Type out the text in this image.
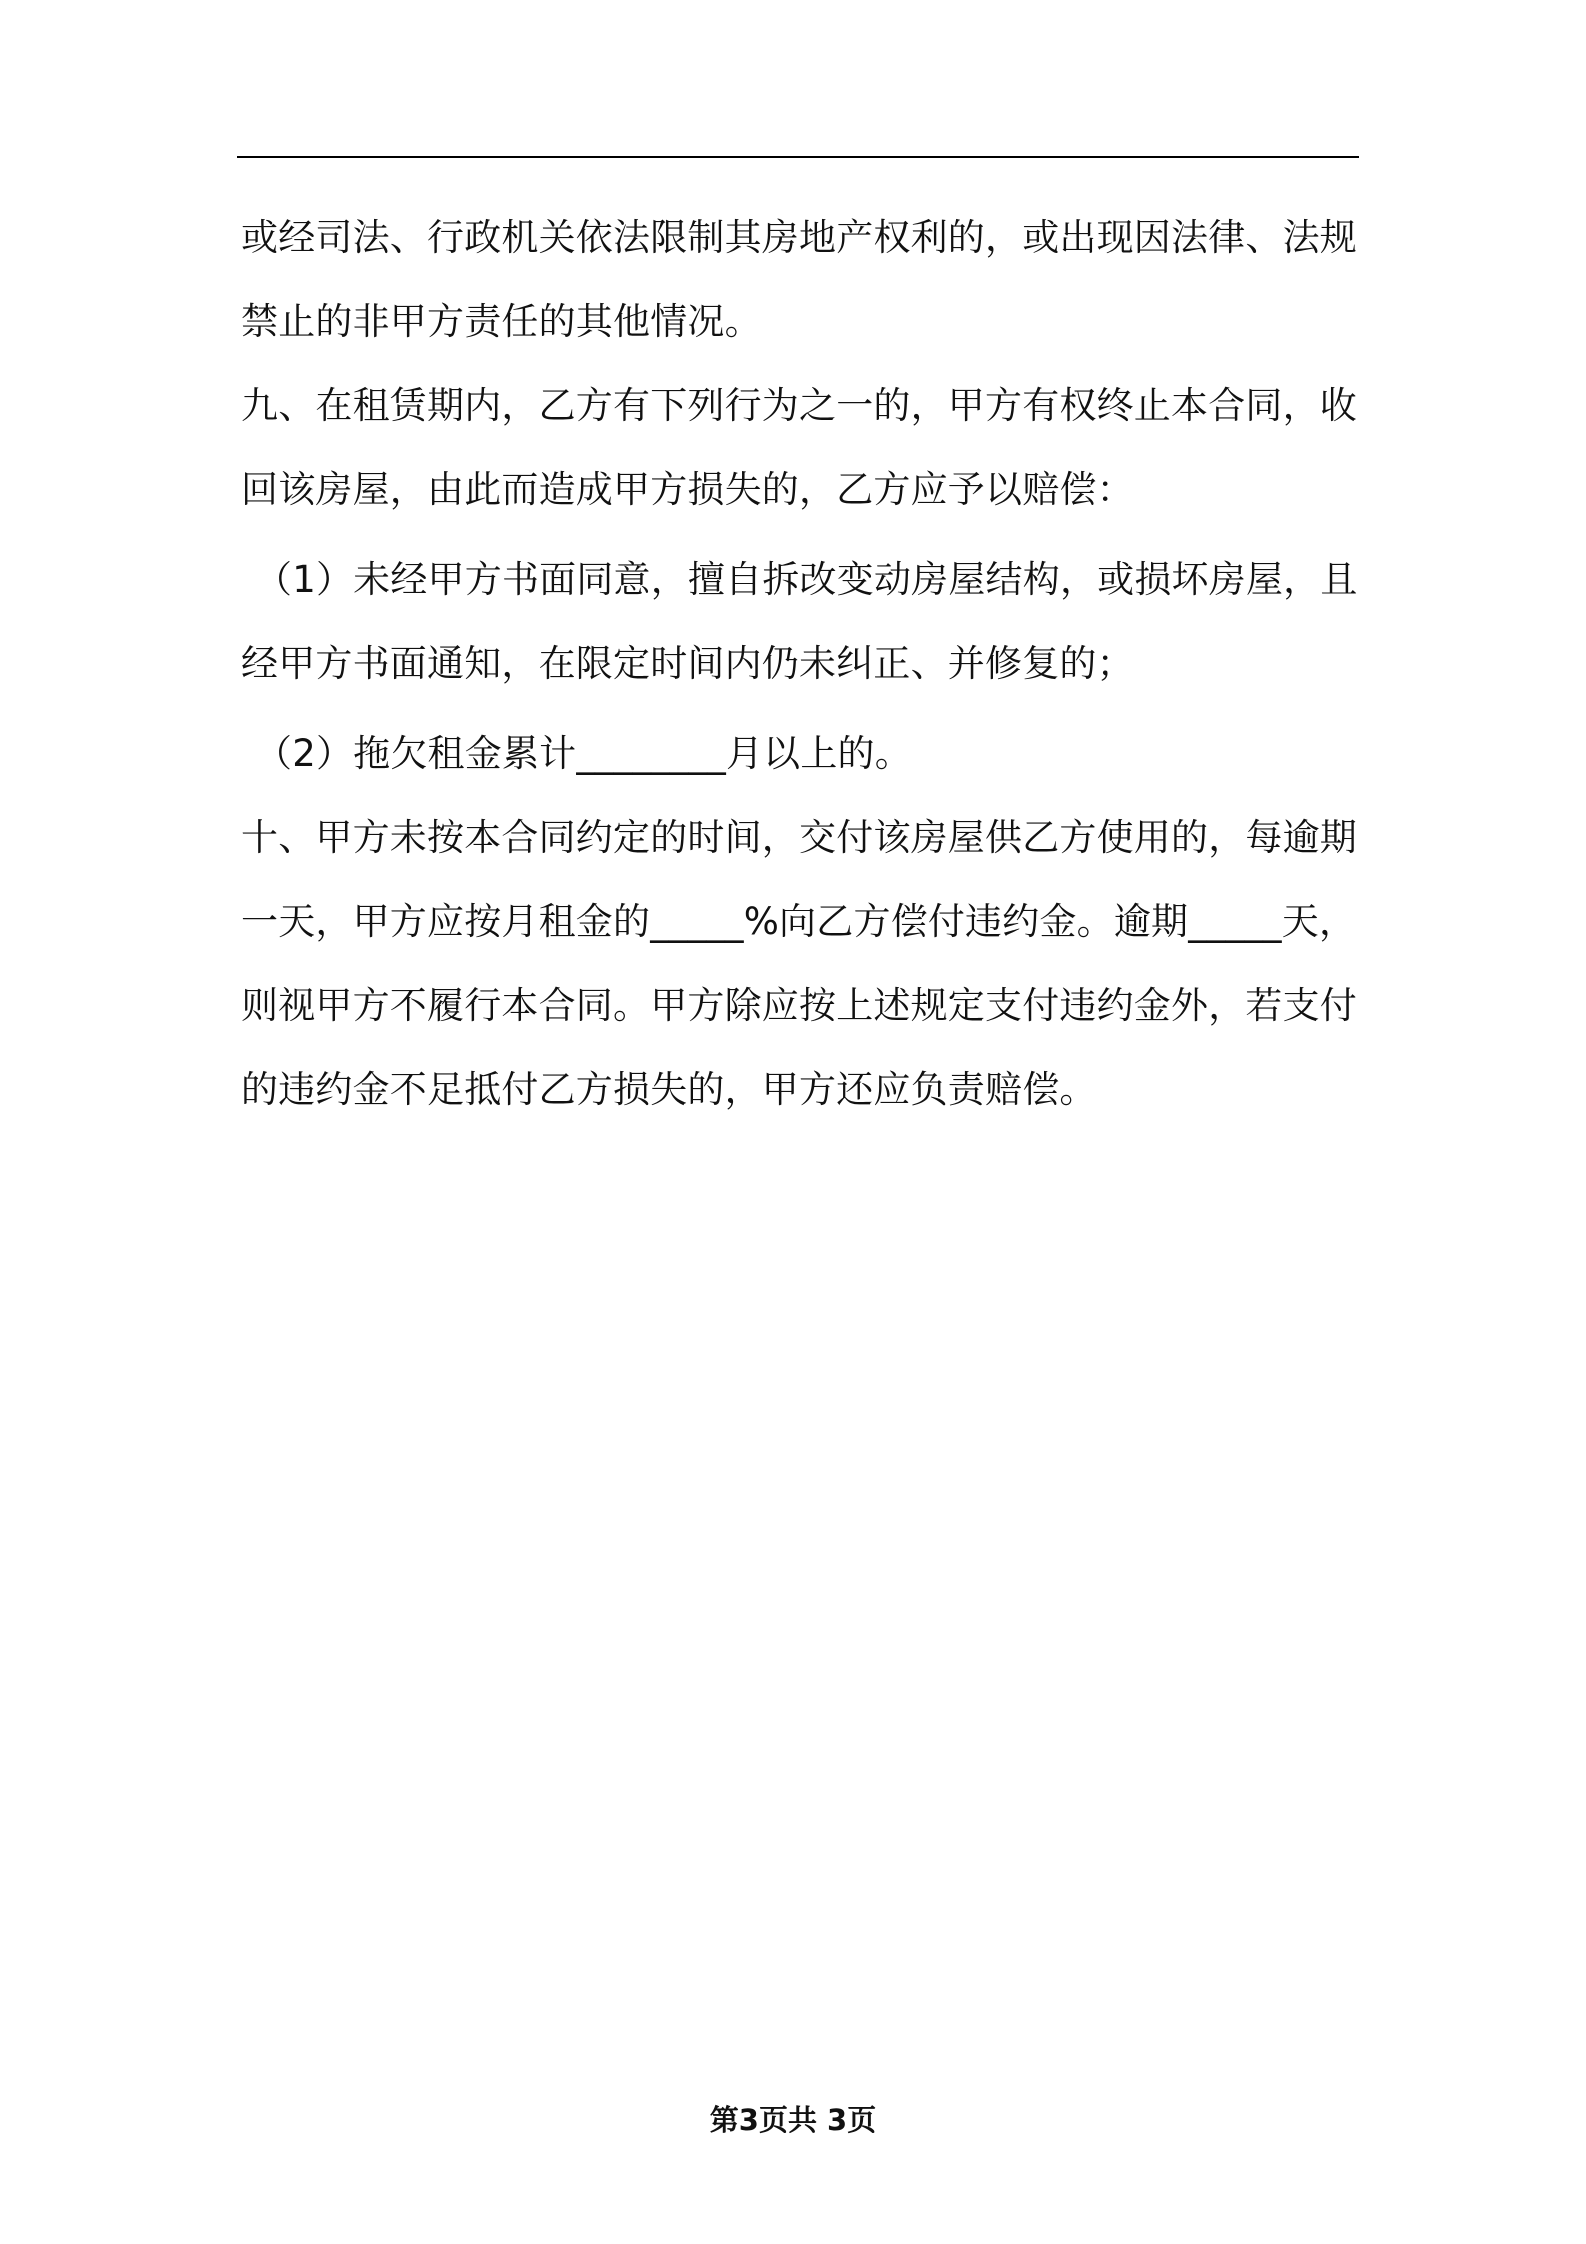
或经司法、行政机关依法限制其房地产权利的，或出现因法律、法规
禁止的非甲方责任的其他情况。
九、在租赁期内，乙方有下列行为之一的，甲方有权终止本合同，收
回该房屋，由此而造成甲方损失的，乙方应予以赔偿：
（1）未经甲方书面同意，擅自拆改变动房屋结构，或损坏房屋，且
经甲方书面通知，在限定时间内仍未纠正、并修复的；
（2）拖欠租金累计________月以上的。
十、甲方未按本合同约定的时间，交付该房屋供乙方使用的，每逾期
一天，甲方应按月租金的_____%向乙方偿付违约金。逾期_____天，
则视甲方不履行本合同。甲方除应按上述规定支付违约金外，若支付
的违约金不足抵付乙方损失的，甲方还应负责赔偿。
第3页共 3页
